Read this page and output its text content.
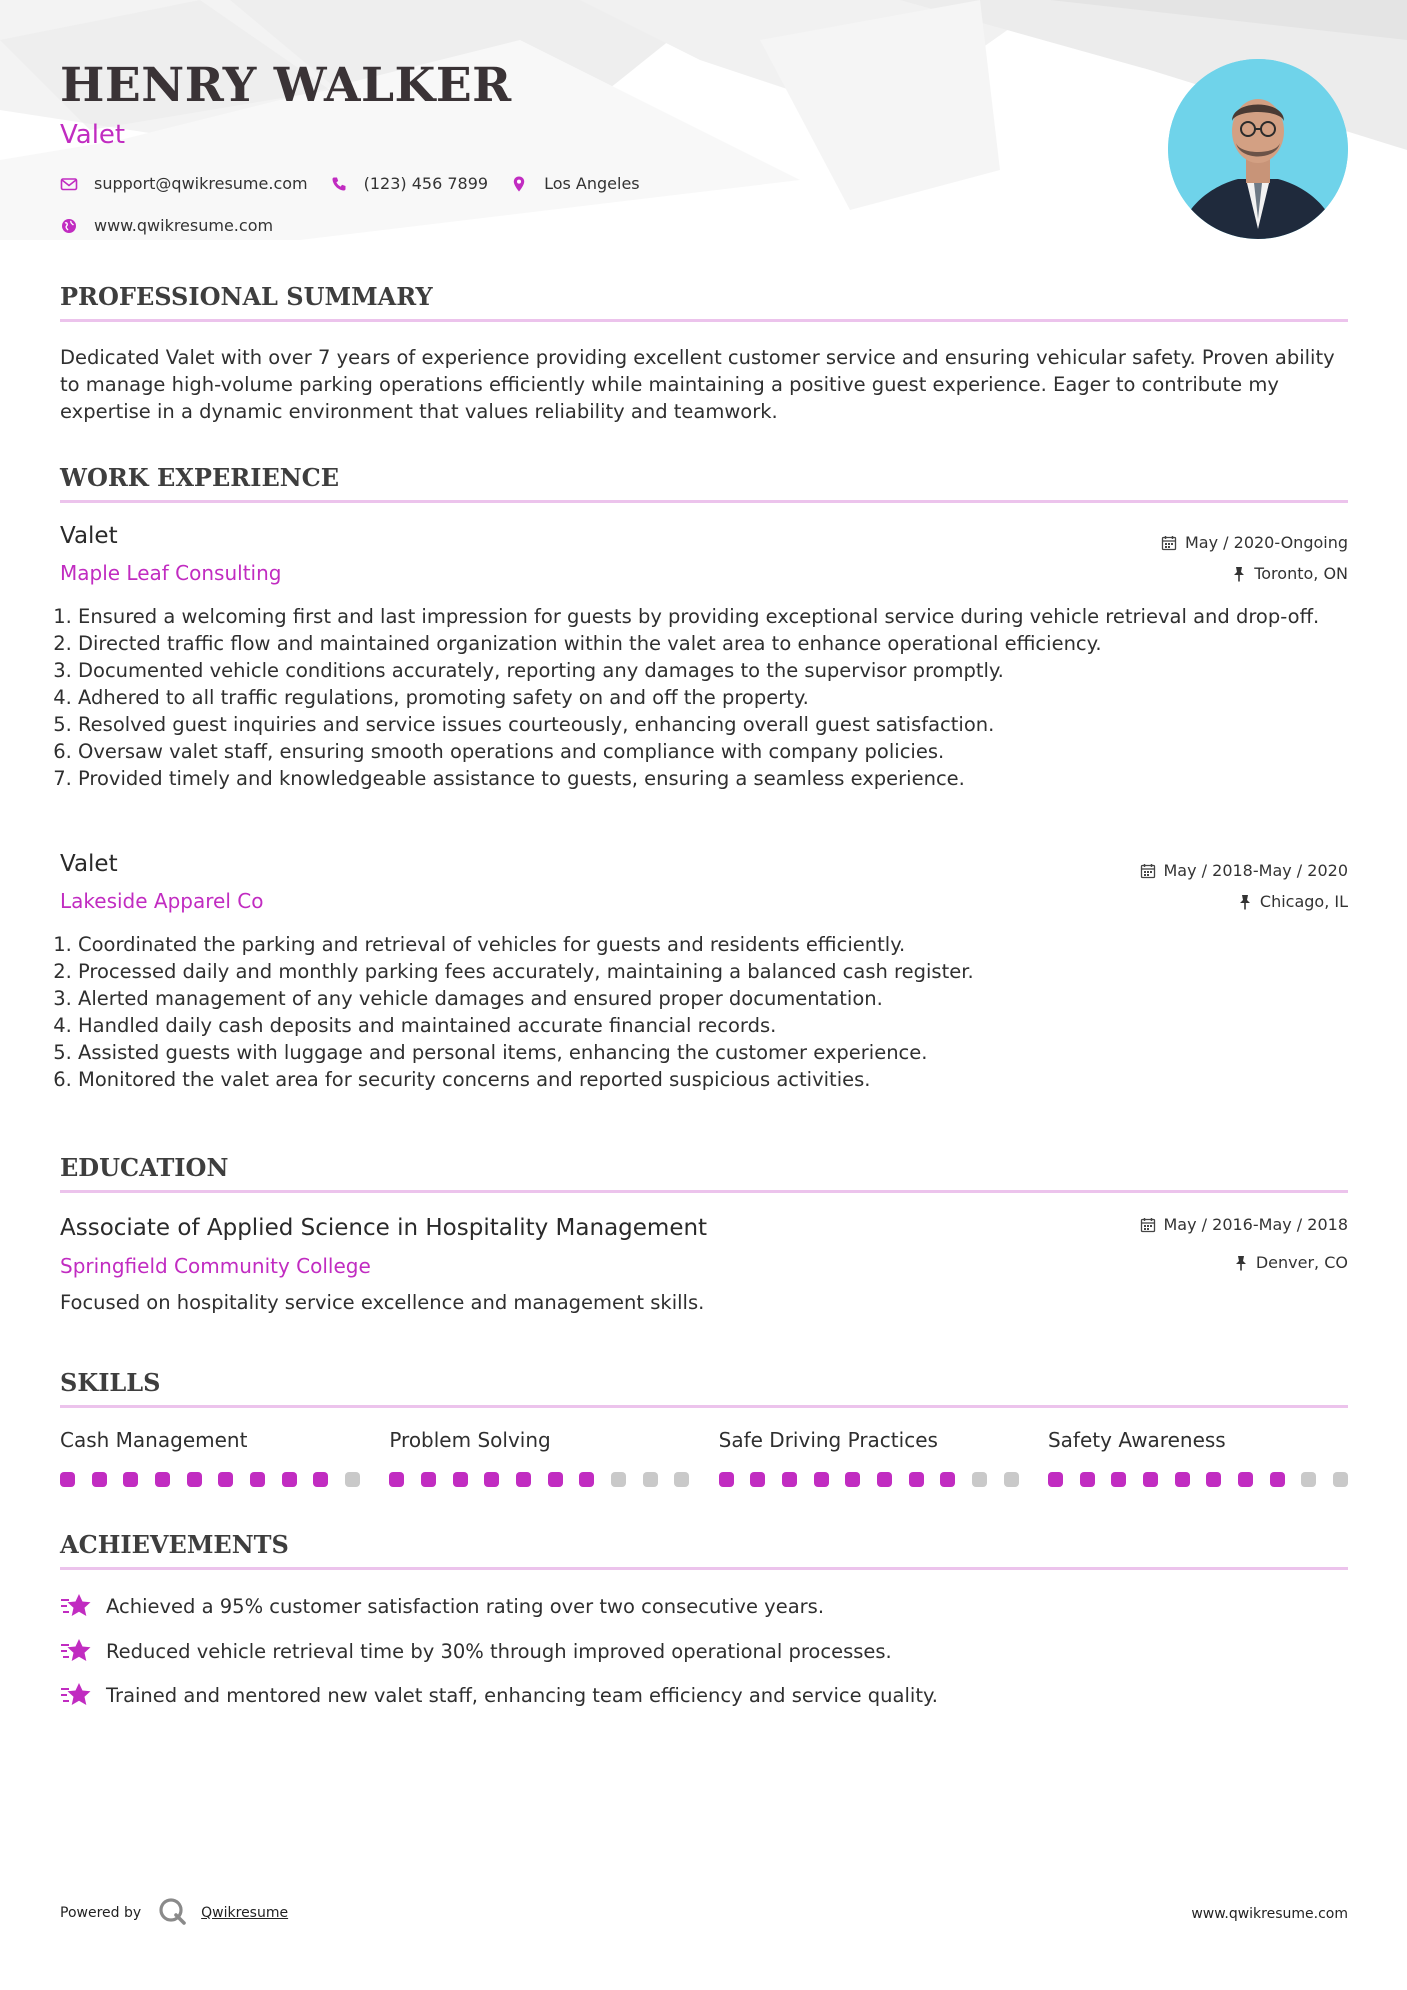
HENRY WALKER
Valet
support@qwikresume.com	(123) 456 7899	Los Angeles
www.qwikresume.com
PROFESSIONAL SUMMARY

Dedicated Valet with over 7 years of experience providing excellent customer service and ensuring vehicular safety. Proven ability to manage high-volume parking operations efficiently while maintaining a positive guest experience. Eager to contribute my expertise in a dynamic environment that values reliability and teamwork.

WORK EXPERIENCE
Valet
Maple Leaf Consulting
May / 2020-Ongoing
Toronto, ON
1. Ensured a welcoming first and last impression for guests by providing exceptional service during vehicle retrieval and drop-off.
2. Directed traffic flow and maintained organization within the valet area to enhance operational efficiency.
3. Documented vehicle conditions accurately, reporting any damages to the supervisor promptly.
4. Adhered to all traffic regulations, promoting safety on and off the property.
5. Resolved guest inquiries and service issues courteously, enhancing overall guest satisfaction.
6. Oversaw valet staff, ensuring smooth operations and compliance with company policies.
7. Provided timely and knowledgeable assistance to guests, ensuring a seamless experience.
Valet
Lakeside Apparel Co
May / 2018-May / 2020
Chicago, IL
1. Coordinated the parking and retrieval of vehicles for guests and residents efficiently.
2. Processed daily and monthly parking fees accurately, maintaining a balanced cash register.
3. Alerted management of any vehicle damages and ensured proper documentation.
4. Handled daily cash deposits and maintained accurate financial records.
5. Assisted guests with luggage and personal items, enhancing the customer experience.
6. Monitored the valet area for security concerns and reported suspicious activities.
EDUCATION
Associate of Applied Science in Hospitality Management
Springfield Community College
May / 2016-May / 2018
Denver, CO

Focused on hospitality service excellence and management skills.

SKILLS
Cash Management	Problem Solving	Safe Driving Practices	Safety Awareness
ACHIEVEMENTS
Achieved a 95% customer satisfaction rating over two consecutive years.
Reduced vehicle retrieval time by 30% through improved operational processes.
Trained and mentored new valet staff, enhancing team efficiency and service quality.
Powered by	Qwikresume	www.qwikresume.com
